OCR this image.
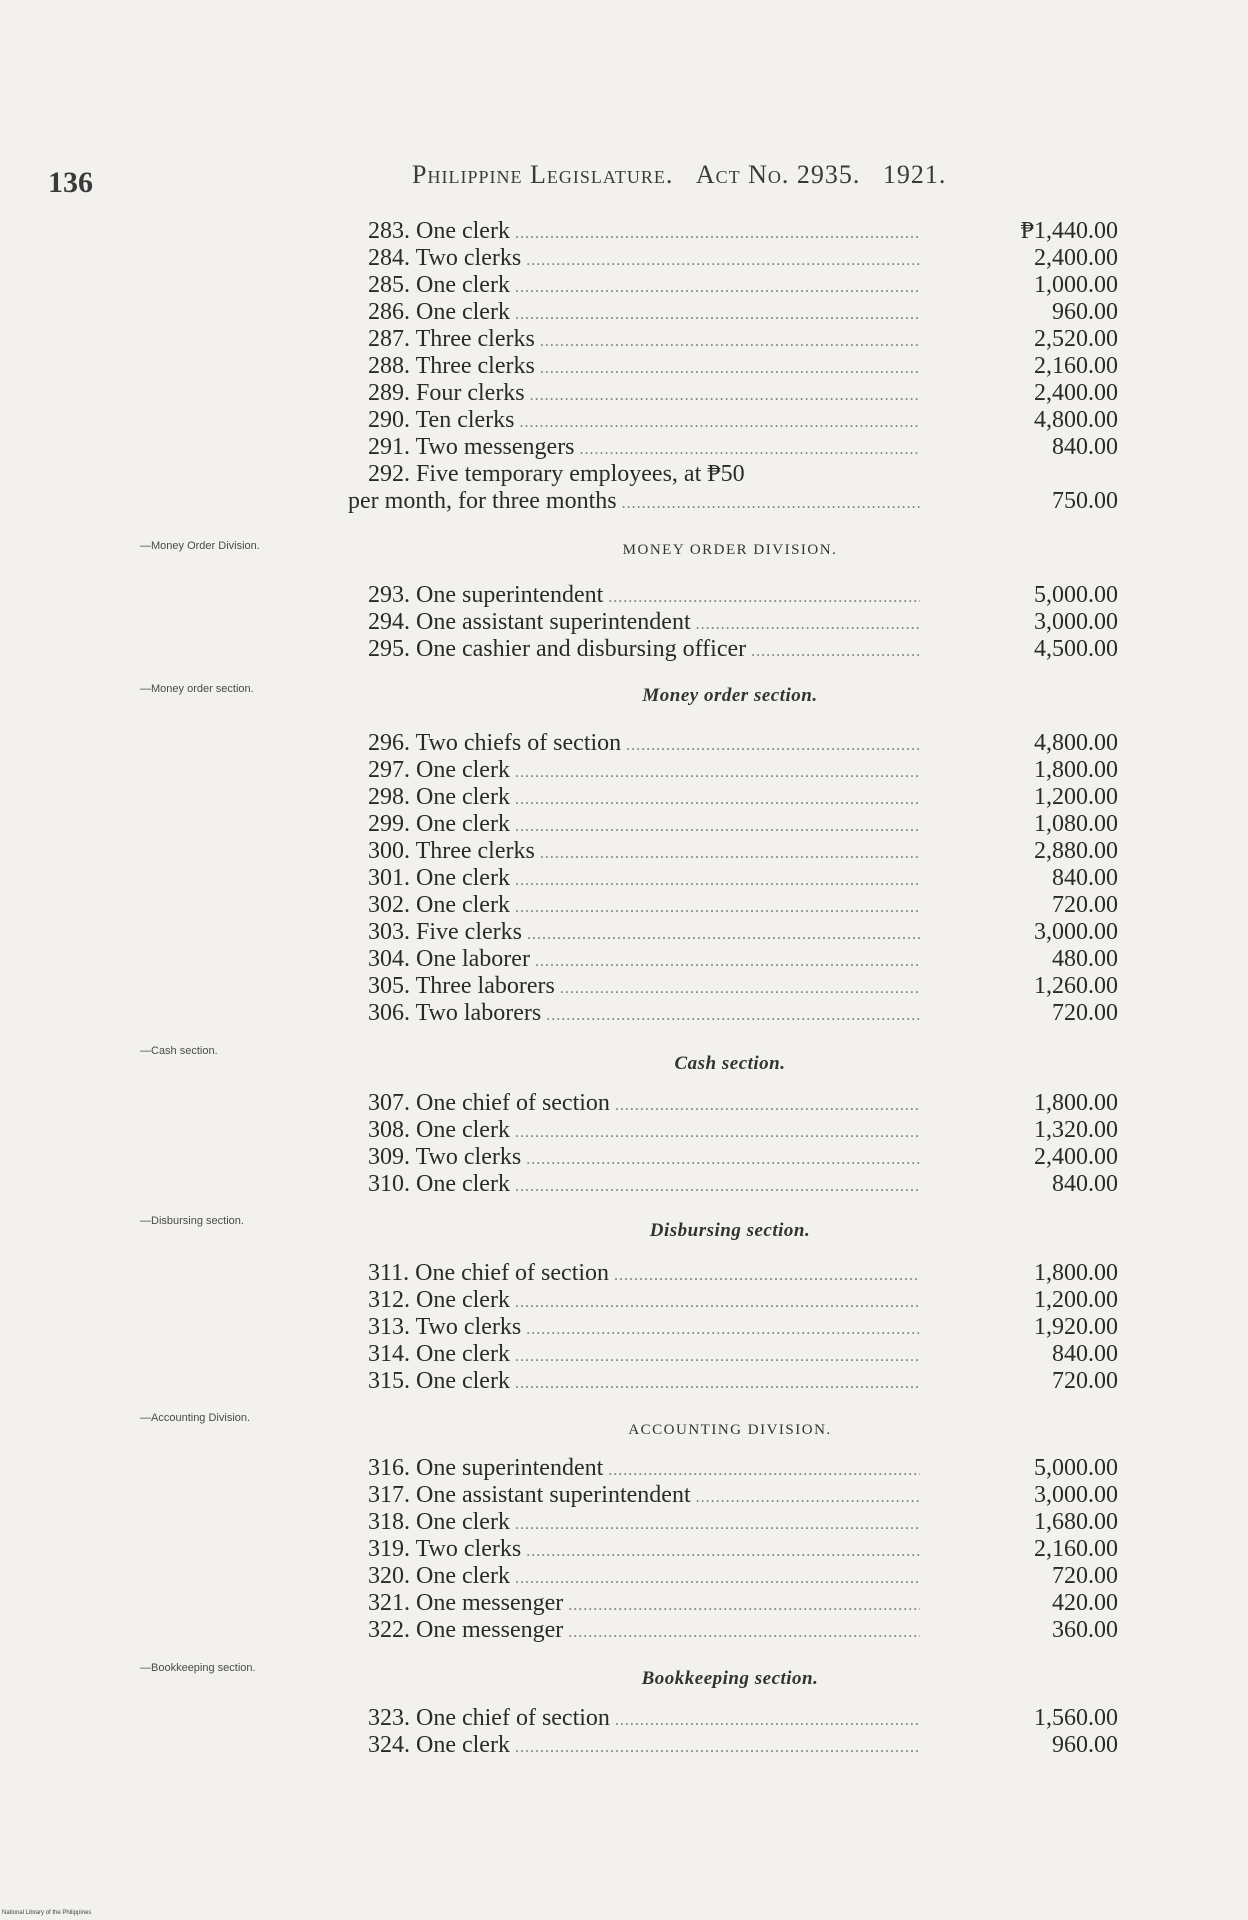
136	Philippine Legislature. Act No. 2935. 1921.
283. One clerk .....	₱1,440.00
284. Two clerks .....	2,400.00
285. One clerk .....	1,000.00
286. One clerk .....	960.00
287. Three clerks .....	2,520.00
288. Three clerks .....	2,160.00
289. Four clerks .....	2,400.00
290. Ten clerks .....	4,800.00
291. Two messengers .....	840.00
292. Five temporary employees, at ₱50
per month, for three months .....	750.00
—Money Order Division.	MONEY ORDER DIVISION.
293. One superintendent .....	5,000.00
294. One assistant superintendent .....	3,000.00
295. One cashier and disbursing officer .....	4,500.00
—Money order section.	Money order section.
296. Two chiefs of section .....	4,800.00
297. One clerk .....	1,800.00
298. One clerk .....	1,200.00
299. One clerk .....	1,080.00
300. Three clerks .....	2,880.00
301. One clerk .....	840.00
302. One clerk .....	720.00
303. Five clerks .....	3,000.00
304. One laborer .....	480.00
305. Three laborers .....	1,260.00
306. Two laborers .....	720.00
—Cash section.
Cash section.
307. One chief of section .....	1,800.00
308. One clerk .....	1,320.00
309. Two clerks .....	2,400.00
310. One clerk .....	840.00
—Disbursing section.	Disbursing section.
311. One chief of section .....	1,800.00
312. One clerk .....	1,200.00
313. Two clerks .....	1,920.00
314. One clerk .....	840.00
315. One clerk .....	720.00
—Accounting Division.
ACCOUNTING DIVISION.
316. One superintendent .....	5,000.00
317. One assistant superintendent .....	3,000.00
318. One clerk .....	1,680.00
319. Two clerks .....	2,160.00
320. One clerk .....	720.00
321. One messenger .....	420.00
322. One messenger .....	360.00
—Bookkeeping section.	Bookkeeping section.
323. One chief of section .....	1,560.00
324. One clerk .....	960.00
National Library of the Philippines
